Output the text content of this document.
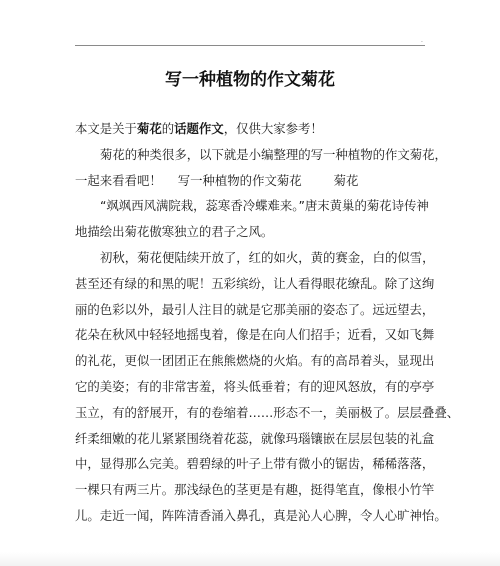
.
写一种植物的作文菊花
本文是关于菊花的话题作文，仅供大家参考！
菊花的种类很多，以下就是小编整理的写一种植物的作文菊花，
一起来看看吧！ 写一种植物的作文菊花	菊花
“飒飒西风满院栽，蕊寒香冷蝶难来。”唐末黄巢的菊花诗传神
地描绘出菊花傲寒独立的君子之风。
初秋，菊花便陆续开放了，红的如火，黄的赛金，白的似雪，
甚至还有绿的和黑的呢！五彩缤纷，让人看得眼花缭乱。除了这绚
丽的色彩以外，最引人注目的就是它那美丽的姿态了。远远望去，
花朵在秋风中轻轻地摇曳着，像是在向人们招手；近看，又如飞舞
的礼花，更似一团团正在熊熊燃烧的火焰。有的高昂着头，显现出
它的美姿；有的非常害羞，将头低垂着；有的迎风怒放，有的亭亭
玉立，有的舒展开，有的卷缩着……形态不一，美丽极了。层层叠叠、
纤柔细嫩的花儿紧紧围绕着花蕊，就像玛瑙镶嵌在层层包装的礼盒
中，显得那么完美。碧碧绿的叶子上带有微小的锯齿，稀稀落落，
一棵只有两三片。那浅绿色的茎更是有趣，挺得笔直，像根小竹竿
儿。走近一闻，阵阵清香涌入鼻孔，真是沁人心脾，令人心旷神怡。
